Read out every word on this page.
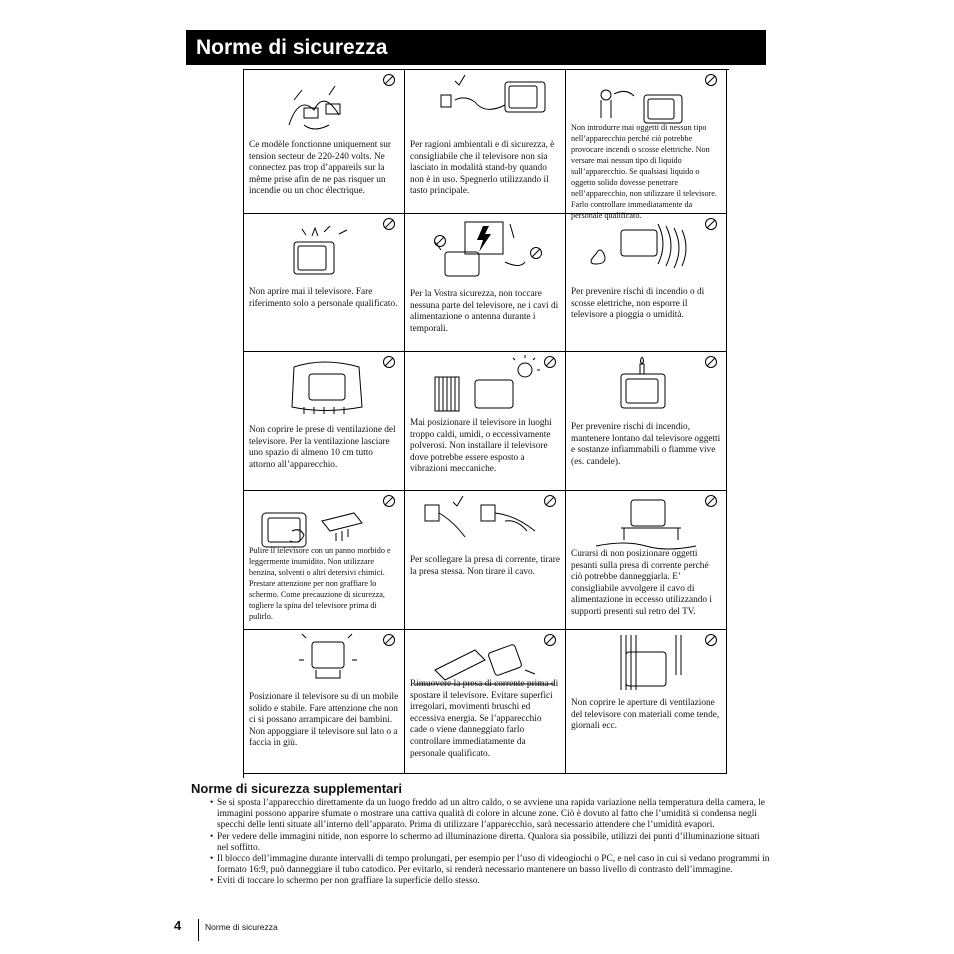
Norme di sicurezza
Ce modèle fonctionne uniquement sur tension secteur de 220-240 volts. Ne connectez pas trop d’appareils sur la même prise afin de ne pas risquer un incendie ou un choc électrique.
Per ragioni ambientali e di sicurezza, è consigliabile che il televisore non sia lasciato in modalità stand-by quando non è in uso. Spegnerlo utilizzando il tasto principale.
Non introdurre mai oggetti di nessun tipo nell’apparecchio perché ciò potrebbe provocare incendi o scosse elettriche. Non versare mai nessun tipo di liquido sull’apparecchio. Se qualsiasi liquido o oggetto solido dovesse penetrare nell’apparecchio, non utilizzare il televisore. Farlo controllare immediatamente da personale qualificato.
Non aprire mai il televisore. Fare riferimento solo a personale qualificato.
Per la Vostra sicurezza, non toccare nessuna parte del televisore, ne i cavi di alimentazione o antenna durante i temporali.
Per prevenire rischi di incendio o di scosse elettriche, non esporre il televisore a pioggia o umidità.
Non coprire le prese di ventilazione del televisore. Per la ventilazione lasciare uno spazio di almeno 10 cm tutto attorno all’apparecchio.
Mai posizionare il televisore in luoghi troppo caldi, umidi, o eccessivamente polverosi. Non installare il televisore dove potrebbe essere esposto a vibrazioni meccaniche.
Per prevenire rischi di incendio, mantenere lontano dal televisore oggetti e sostanze infiammabili o fiamme vive (es. candele).
Pulire il televisore con un panno morbido e leggermente inumidito. Non utilizzare benzina, solventi o altri detersivi chimici. Prestare attenzione per non graffiare lo schermo. Come precauzione di sicurezza, togliere la spina del televisore prima di pulirlo.
Per scollegare la presa di corrente, tirare la presa stessa. Non tirare il cavo.
Curarsi di non posizionare oggetti pesanti sulla presa di corrente perché ciò potrebbe danneggiarla. E’ consigliabile avvolgere il cavo di alimentazione in eccesso utilizzando i supporti presenti sul retro del TV.
Posizionare il televisore su di un mobile solido e stabile. Fare attenzione che non ci si possano arrampicare dei bambini. Non appoggiare il televisore sul lato o a faccia in giù.
Rimuovere la presa di corrente prima di spostare il televisore. Evitare superfici irregolari, movimenti bruschi ed eccessiva energia. Se l’apparecchio cade o viene danneggiato farlo controllare immediatamente da personale qualificato.
Non coprire le aperture di ventilazione del televisore con materiali come tende, giornali ecc.
Norme di sicurezza supplementari
• Se si sposta l’apparecchio direttamente da un luogo freddo ad un altro caldo, o se avviene una rapida variazione nella temperatura della camera, le immagini possono apparire sfumate o mostrare una cattiva qualità di colore in alcune zone. Ciò è dovuto al fatto che l’umidità si condensa negli specchi delle lenti situate all’interno dell’apparato. Prima di utilizzare l’apparecchio, sarà necessario attendere che l’umidità evapori.
• Per vedere delle immagini nitide, non esporre lo schermo ad illuminazione diretta. Qualora sia possibile, utilizzi dei punti d’illuminazione situati nel soffitto.
• Il blocco dell’immagine durante intervalli di tempo prolungati, per esempio per l’uso di videogiochi o PC, e nel caso in cui si vedano programmi in formato 16:9, può danneggiare il tubo catodico. Per evitarlo, si renderà necessario mantenere un basso livello di contrasto dell’immagine.
• Eviti di toccare lo schermo per non graffiare la superficie dello stesso.
4	Norme di sicurezza
